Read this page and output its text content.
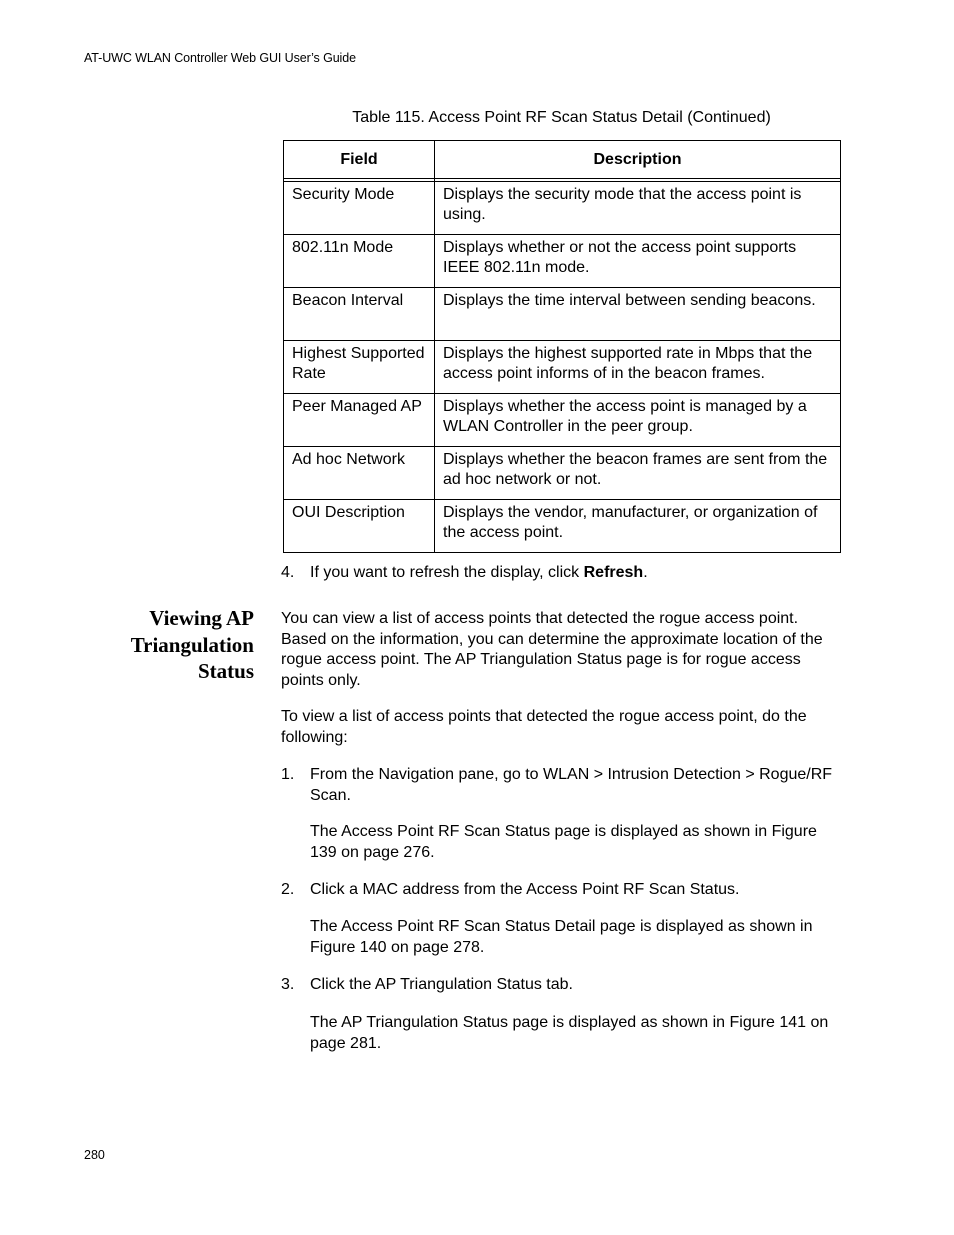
AT-UWC WLAN Controller Web GUI User’s Guide
Table 115. Access Point RF Scan Status Detail (Continued)
Field	Description

Security Mode	Displays the security mode that the access point is using.
802.11n Mode	Displays whether or not the access point supports IEEE 802.11n mode.
Beacon Interval	Displays the time interval between sending beacons.
Highest Supported Rate	Displays the highest supported rate in Mbps that the access point informs of in the beacon frames.
Peer Managed AP	Displays whether the access point is managed by a WLAN Controller in the peer group.
Ad hoc Network	Displays whether the beacon frames are sent from the ad hoc network or not.
OUI Description	Displays the vendor, manufacturer, or organization of the access point.
4. If you want to refresh the display, click Refresh.
Viewing AP
Triangulation
Status
You can view a list of access points that detected the rogue access point. Based on the information, you can determine the approximate location of the rogue access point. The AP Triangulation Status page is for rogue access points only.
To view a list of access points that detected the rogue access point, do the following:
1. From the Navigation pane, go to WLAN > Intrusion Detection > Rogue/RF Scan.
The Access Point RF Scan Status page is displayed as shown in Figure 139 on page 276.
2. Click a MAC address from the Access Point RF Scan Status.
The Access Point RF Scan Status Detail page is displayed as shown in Figure 140 on page 278.
3. Click the AP Triangulation Status tab.
The AP Triangulation Status page is displayed as shown in Figure 141 on page 281.
280
